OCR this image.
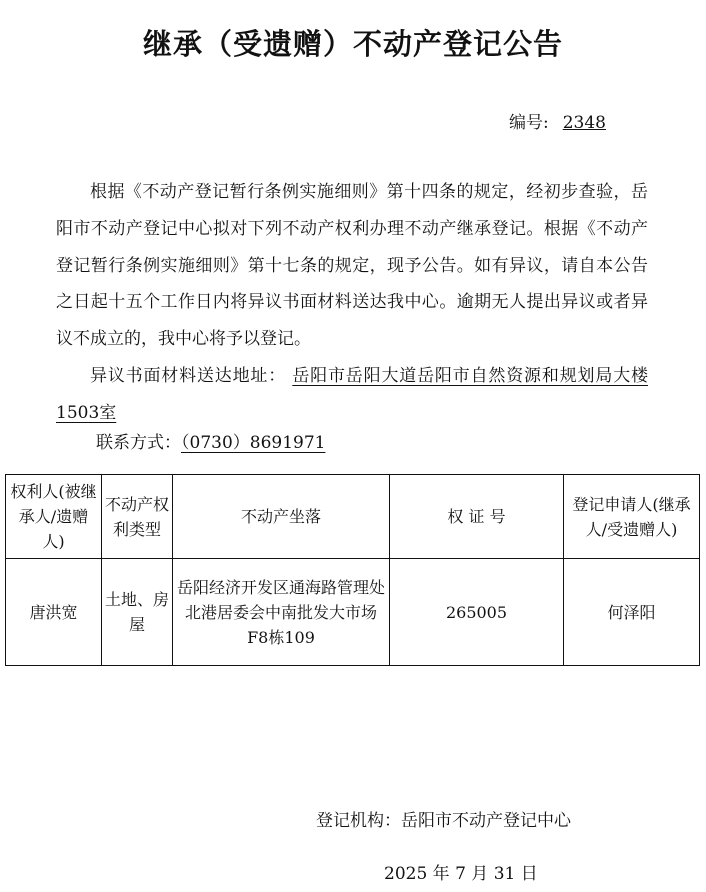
继承（受遗赠）不动产登记公告
编号: 2348
根据《不动产登记暂行条例实施细则》第十四条的规定，经初步查验，岳阳市不动产登记中心拟对下列不动产权利办理不动产继承登记。根据《不动产登记暂行条例实施细则》第十七条的规定，现予公告。如有异议，请自本公告之日起十五个工作日内将异议书面材料送达我中心。逾期无人提出异议或者异议不成立的，我中心将予以登记。
异议书面材料送达地址： 岳阳市岳阳大道岳阳市自然资源和规划局大楼1503室
联系方式：（0730）8691971
权利人(被继承人/遗赠人)	不动产权利类型	不动产坐落	权 证 号	登记申请人(继承人/受遗赠人)
唐洪宽	土地、房屋	岳阳经济开发区通海路管理处北港居委会中南批发大市场F8栋109	265005	何泽阳
登记机构：岳阳市不动产登记中心
2025 年 7 月 31 日
